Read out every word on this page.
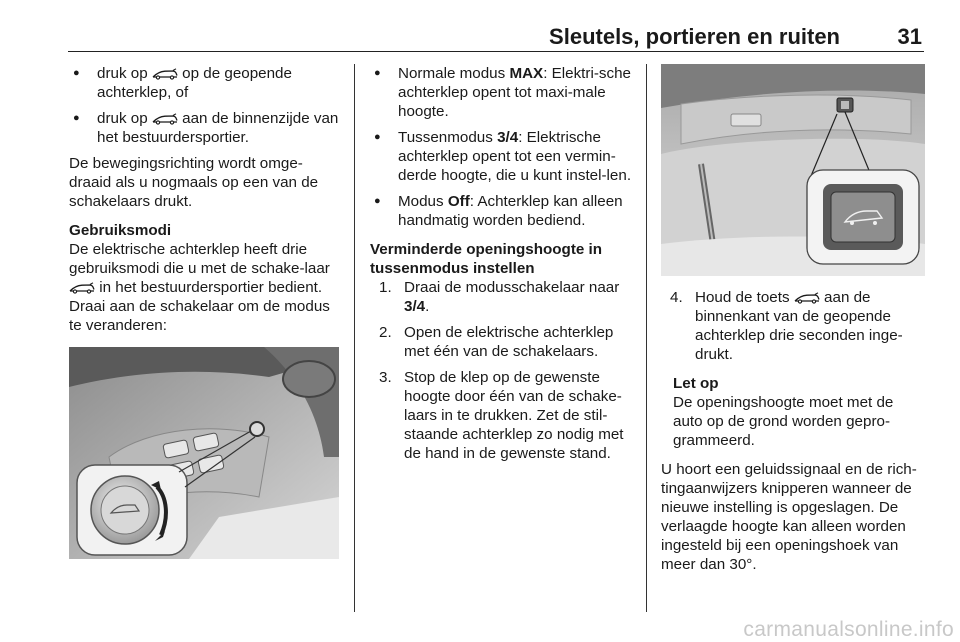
Sleutels, portieren en ruiten	31
● druk op op de geopende achterklep, of
● druk op aan de binnenzijde van het bestuurdersportier.

De bewegingsrichting wordt omge-draaid als u nogmaals op een van de schakelaars drukt.

Gebruiksmodi

De elektrische achterklep heeft drie gebruiksmodi die u met de schake-laar  in het bestuurdersportier bedient. Draai aan de schakelaar om de modus te veranderen:

● Normale modus MAX: Elektri-sche achterklep opent tot maxi-male hoogte.
● Tussenmodus 3/4: Elektrische achterklep opent tot een vermin-derde hoogte, die u kunt instel-len.
● Modus Off: Achterklep kan alleen handmatig worden bediend.

Verminderde openingshoogte in tussenmodus instellen

1. Draai de modusschakelaar naar 3/4.
2. Open de elektrische achterklep met één van de schakelaars.
3. Stop de klep op de gewenste hoogte door één van de schake-laars in te drukken. Zet de stil-staande achterklep zo nodig met de hand in de gewenste stand.
4. Houd de toets aan de binnenkant van de geopende achterklep drie seconden inge-drukt.
Let op

De openingshoogte moet met de auto op de grond worden gepro-grammeerd.

U hoort een geluidssignaal en de rich-tingaanwijzers knipperen wanneer de nieuwe instelling is opgeslagen. De verlaagde hoogte kan alleen worden ingesteld bij een openingshoek van meer dan 30°.

carmanualsonline.info
